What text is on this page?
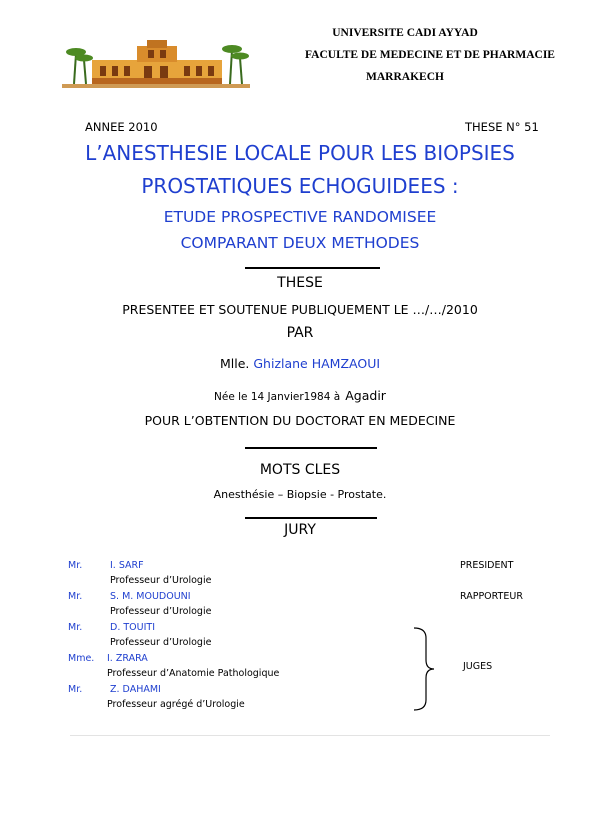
UNIVERSITE CADI AYYAD
FACULTE DE MEDECINE ET DE PHARMACIE
MARRAKECH
ANNEE 2010	THESE N° 51
L’ANESTHESIE LOCALE POUR LES BIOPSIES
PROSTATIQUES ECHOGUIDEES :
ETUDE PROSPECTIVE RANDOMISEE
COMPARANT DEUX METHODES
THESE
PRESENTEE ET SOUTENUE PUBLIQUEMENT LE …/…/2010
PAR
Mlle. Ghizlane HAMZAOUI
Née le 14 Janvier1984 à Agadir
POUR L’OBTENTION DU DOCTORAT EN MEDECINE
MOTS CLES
Anesthésie – Biopsie - Prostate.
JURY
Mr.	I. SARF	PRESIDENT
Professeur d’Urologie
Mr.	S. M. MOUDOUNI	RAPPORTEUR
Professeur d’Urologie
Mr.	D. TOUITI
Professeur d’Urologie
Mme. I. ZRARA
Professeur d’Anatomie Pathologique
Mr.	Z. DAHAMI
Professeur agrégé d’Urologie
JUGES
